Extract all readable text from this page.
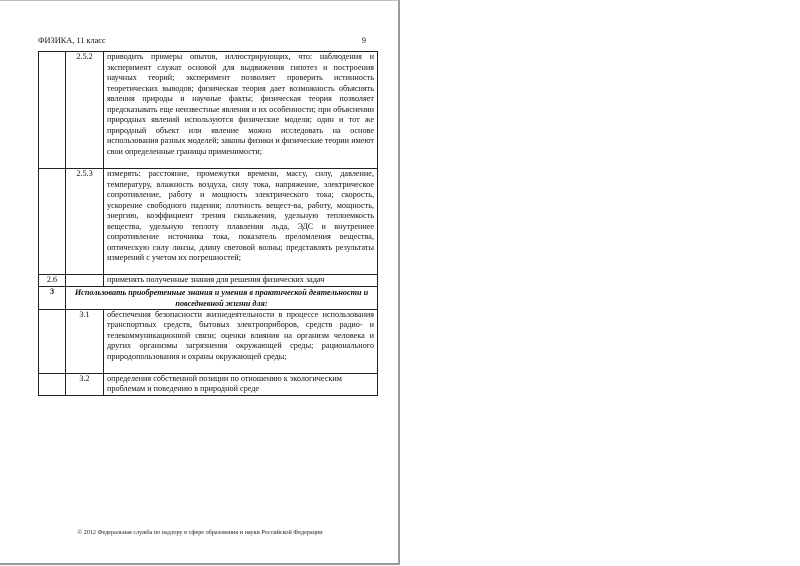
ФИЗИКА, 11 класс	9
	2.5.2	приводить примеры опытов, иллюстрирующих, что: наблюдения и эксперимент служат основой для выдвижения гипотез и построения научных теорий; эксперимент позволяет проверить истинность теоретических выводов; физическая теория дает возможность объяснять явления природы и научные факты; физическая теория позволяет предсказывать еще неизвестные явления и их особенности; при объяснении природных явлений используются физические модели; один и тот же природный объект или явление можно исследовать на основе использования разных моделей; законы физики и физические теории имеют свои определенные границы применимости;
	2.5.3	измерять: расстояние, промежутки времени, массу, силу, давление, температуру, влажность воздуха, силу тока, напряжение, электрическое сопротивление, работу и мощность электрического тока; скорость, ускорение свободного падения; плотность вещест-ва, работу, мощность, энергию, коэффициент трения скольжения, удельную теплоемкость вещества, удельную теплоту плавления льда, ЭДС и внутреннее сопротивление источника тока, показатель преломления вещества, оптическую силу линзы, длину световой волны; представлять результаты измерений с учетом их погрешностей;
2.6		применять полученные знания для решения физических задач
3	Использовать приобретенные знания и умения в практической деятельности и повседневной жизни для:	
	3.1	обеспечения безопасности жизнедеятельности в процессе использования транспортных средств, бытовых электроприборов, средств радио- и телекоммуникационной связи; оценки влияния на организм человека и других организмы загрязнения окружающей среды; рационального природопользования и охраны окружающей среды;
	3.2	определения собственной позиции по отношению к экологическим проблемам и поведению в природной среде
© 2012 Федеральная служба по надзору в сфере образования и науки Российской Федерации
